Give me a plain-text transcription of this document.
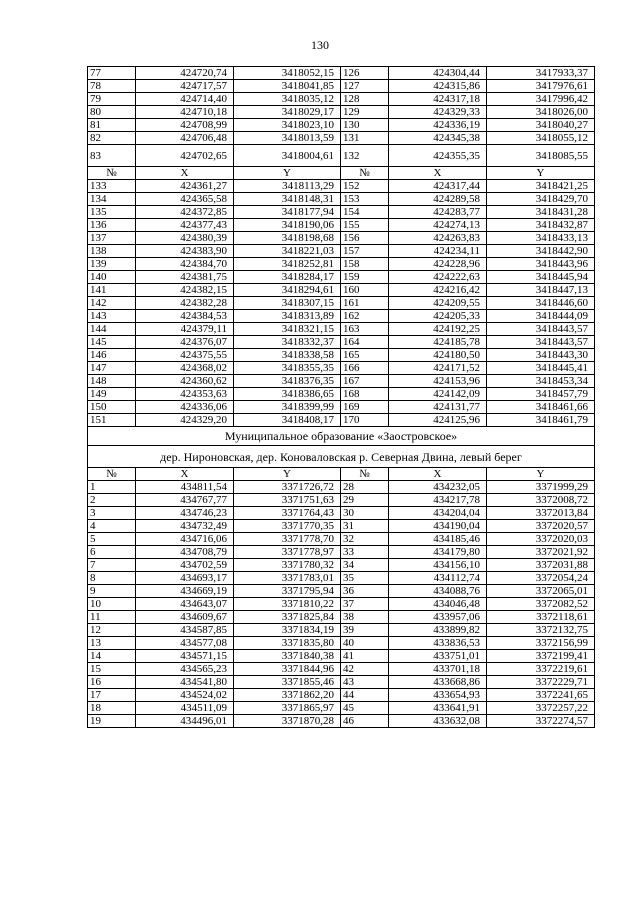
130
77	424720,74	3418052,15	126	424304,44	3417933,37
78	424717,57	3418041,85	127	424315,86	3417976,61
79	424714,40	3418035,12	128	424317,18	3417996,42
80	424710,18	3418029,17	129	424329,33	3418026,00
81	424708,99	3418023,10	130	424336,19	3418040,27
82	424706,48	3418013,59	131	424345,38	3418055,12
83	424702,65	3418004,61	132	424355,35	3418085,55
№	X	Y	№	X	Y
133	424361,27	3418113,29	152	424317,44	3418421,25
134	424365,58	3418148,31	153	424289,58	3418429,70
135	424372,85	3418177,94	154	424283,77	3418431,28
136	424377,43	3418190,06	155	424274,13	3418432,87
137	424380,39	3418198,68	156	424263,83	3418433,13
138	424383,90	3418221,03	157	424234,11	3418442,90
139	424384,70	3418252,81	158	424228,96	3418443,96
140	424381,75	3418284,17	159	424222,63	3418445,94
141	424382,15	3418294,61	160	424216,42	3418447,13
142	424382,28	3418307,15	161	424209,55	3418446,60
143	424384,53	3418313,89	162	424205,33	3418444,09
144	424379,11	3418321,15	163	424192,25	3418443,57
145	424376,07	3418332,37	164	424185,78	3418443,57
146	424375,55	3418338,58	165	424180,50	3418443,30
147	424368,02	3418355,35	166	424171,52	3418445,41
148	424360,62	3418376,35	167	424153,96	3418453,34
149	424353,63	3418386,65	168	424142,09	3418457,79
150	424336,06	3418399,99	169	424131,77	3418461,66
151	424329,20	3418408,17	170	424125,96	3418461,79
Муниципальное образование «Заостровское»					
дер. Нироновская, дер. Коноваловская р. Северная Двина, левый берег					
№	X	Y	№	X	Y
1	434811,54	3371726,72	28	434232,05	3371999,29
2	434767,77	3371751,63	29	434217,78	3372008,72
3	434746,23	3371764,43	30	434204,04	3372013,84
4	434732,49	3371770,35	31	434190,04	3372020,57
5	434716,06	3371778,70	32	434185,46	3372020,03
6	434708,79	3371778,97	33	434179,80	3372021,92
7	434702,59	3371780,32	34	434156,10	3372031,88
8	434693,17	3371783,01	35	434112,74	3372054,24
9	434669,19	3371795,94	36	434088,76	3372065,01
10	434643,07	3371810,22	37	434046,48	3372082,52
11	434609,67	3371825,84	38	433957,06	3372118,61
12	434587,85	3371834,19	39	433899,82	3372132,75
13	434577,08	3371835,80	40	433836,53	3372156,99
14	434571,15	3371840,38	41	433751,01	3372199,41
15	434565,23	3371844,96	42	433701,18	3372219,61
16	434541,80	3371855,46	43	433668,86	3372229,71
17	434524,02	3371862,20	44	433654,93	3372241,65
18	434511,09	3371865,97	45	433641,91	3372257,22
19	434496,01	3371870,28	46	433632,08	3372274,57
